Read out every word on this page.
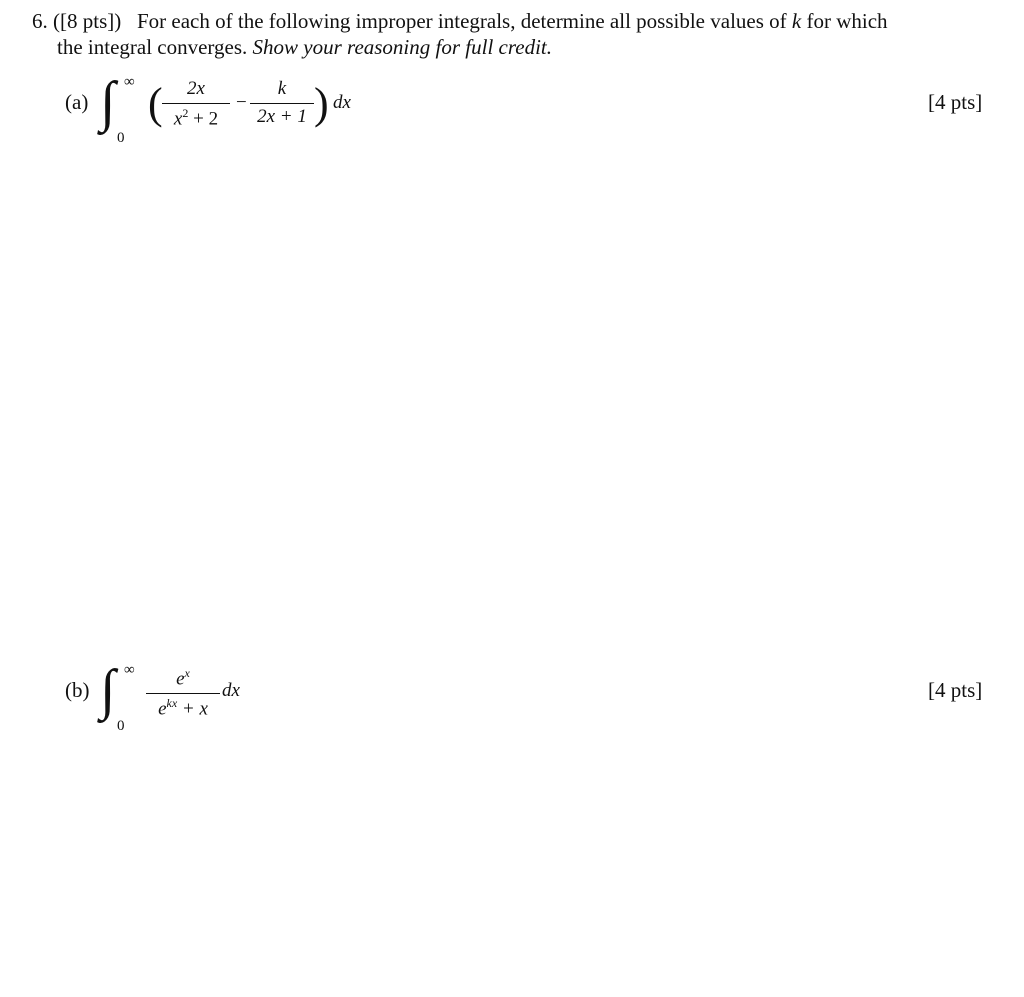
6. ([8 pts]) For each of the following improper integrals, determine all possible values of k for which
the integral converges. Show your reasoning for full credit.
(a) ∫ ∞
0
( $\frac{2x}{x^2 + 2} - \frac{k}{2x + 1}$ ) dx	[4 pts]
(b) ∫ ∞
0
$e^x$
$e^{kx} + x$
dx	[4 pts]
